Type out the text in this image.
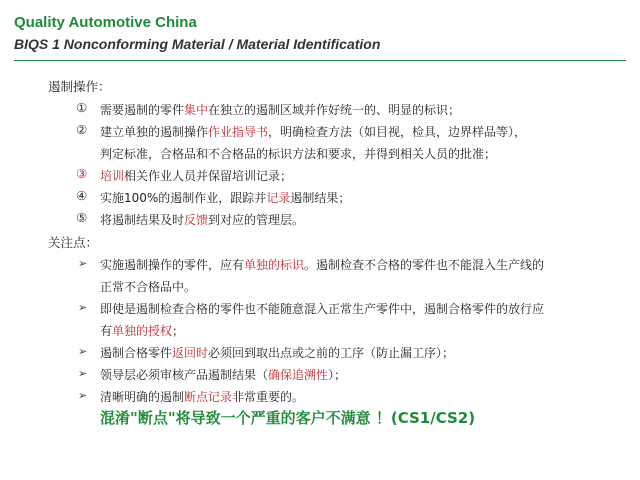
Quality Automotive China
BIQS 1 Nonconforming Material / Material Identification
遏制操作：
① 需要遏制的零件集中在独立的遏制区域并作好统一的、明显的标识；
② 建立单独的遏制操作作业指导书，明确检查方法（如目视，检具，边界样品等），
判定标准，合格品和不合格品的标识方法和要求，并得到相关人员的批准；
③ 培训相关作业人员并保留培训记录；
④ 实施100%的遏制作业，跟踪并记录遏制结果；
⑤ 将遏制结果及时反馈到对应的管理层。
关注点：
➢ 实施遏制操作的零件，应有单独的标识。遏制检查不合格的零件也不能混入生产线的
正常不合格品中。
➢ 即使是遏制检查合格的零件也不能随意混入正常生产零件中，遏制合格零件的放行应
有单独的授权；
➢ 遏制合格零件返回时必须回到取出点或之前的工序（防止漏工序）；
➢ 领导层必须审核产品遏制结果（确保追溯性）；
➢ 清晰明确的遏制断点记录非常重要的。
混淆"断点"将导致一个严重的客户不满意 ！(CS1/CS2)
